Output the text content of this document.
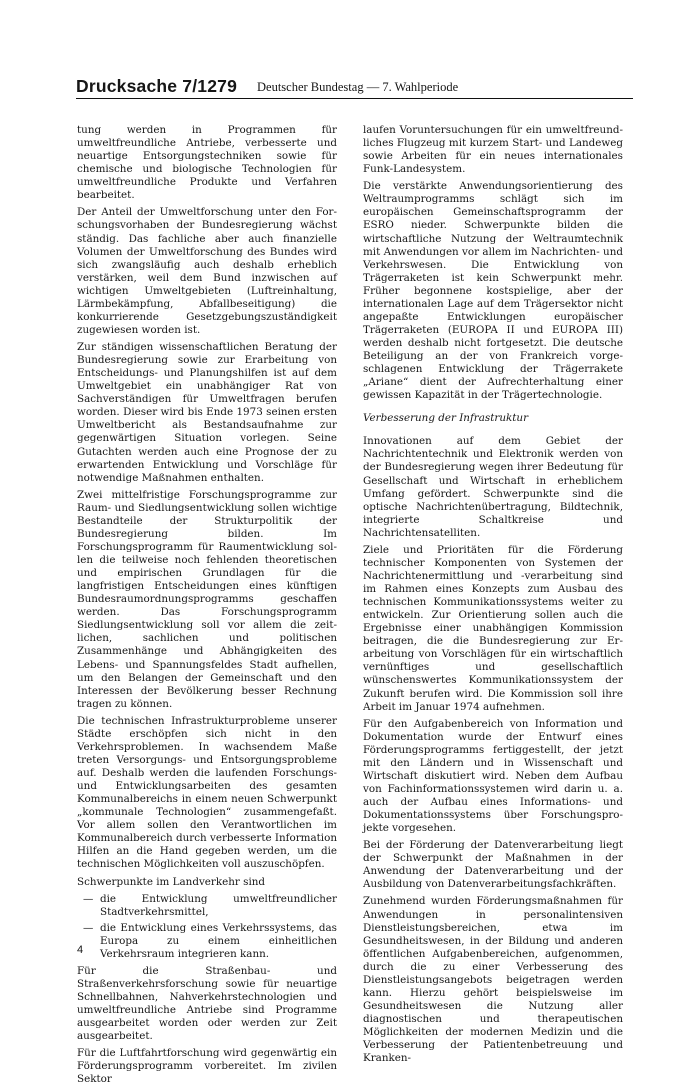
Drucksache 7/1279 Deutscher Bundestag — 7. Wahlperiode

tung werden in Programmen für umweltfreundliche Antriebe, verbesserte und neuartige Entsorgungstechniken sowie für chemische und biologische Technologien für umweltfreundliche Produkte und Verfahren bearbeitet.

Der Anteil der Umweltforschung unter den Forschungsvorhaben der Bundesregierung wächst ständig. Das fachliche aber auch finanzielle Volumen der Umweltforschung des Bundes wird sich zwangsläufig auch deshalb erheblich verstärken, weil dem Bund inzwischen auf wichtigen Umweltgebieten (Luftreinhaltung, Lärmbekämpfung, Abfallbeseitigung) die konkurrierende Gesetzgebungszuständigkeit zugewiesen worden ist.

Zur ständigen wissenschaftlichen Beratung der Bundesregierung sowie zur Erarbeitung von Entscheidungs- und Planungshilfen ist auf dem Umweltgebiet ein unabhängiger Rat von Sachverständigen für Umweltfragen berufen worden. Dieser wird bis Ende 1973 seinen ersten Umweltbericht als Bestandsaufnahme zur gegenwärtigen Situation vorlegen. Seine Gutachten werden auch eine Prognose der zu erwartenden Entwicklung und Vorschläge für notwendige Maßnahmen enthalten.

Zwei mittelfristige Forschungsprogramme zur Raum- und Siedlungsentwicklung sollen wichtige Bestandteile der Strukturpolitik der Bundesregierung bilden. Im Forschungsprogramm für Raumentwicklung sollen die teilweise noch fehlenden theoretischen und empirischen Grundlagen für die langfristigen Entscheidungen eines künftigen Bundesraumordnungsprogramms geschaffen werden. Das Forschungsprogramm Siedlungsentwicklung soll vor allem die zeitlichen, sachlichen und politischen Zusammenhänge und Abhängigkeiten des Lebens- und Spannungsfeldes Stadt aufhellen, um den Belangen der Gemeinschaft und den Interessen der Bevölkerung besser Rechnung tragen zu können.

Die technischen Infrastrukturprobleme unserer Städte erschöpfen sich nicht in den Verkehrsproblemen. In wachsendem Maße treten Versorgungs- und Entsorgungsprobleme auf. Deshalb werden die laufenden Forschungs- und Entwicklungsarbeiten des gesamten Kommunalbereichs in einem neuen Schwerpunkt „kommunale Technologien“ zusammengefaßt. Vor allem sollen den Verantwortlichen im Kommunalbereich durch verbesserte Information Hilfen an die Hand gegeben werden, um die technischen Möglichkeiten voll auszuschöpfen.

Schwerpunkte im Landverkehr sind

— die Entwicklung umweltfreundlicher Stadtverkehrsmittel,
— die Entwicklung eines Verkehrssystems, das Europa zu einem einheitlichen Verkehrsraum integrieren kann.

Für die Straßenbau- und Straßenverkehrsforschung sowie für neuartige Schnellbahnen, Nahverkehrstechnologien und umweltfreundliche Antriebe sind Programme ausgearbeitet worden oder werden zur Zeit ausgearbeitet.

Für die Luftfahrtforschung wird gegenwärtig ein Förderungsprogramm vorbereitet. Im zivilen Sektor

laufen Voruntersuchungen für ein umweltfreundliches Flugzeug mit kurzem Start- und Landeweg sowie Arbeiten für ein neues internationales Funk-Landesystem.

Die verstärkte Anwendungsorientierung des Weltraumprogramms schlägt sich im europäischen Gemeinschaftsprogramm der ESRO nieder. Schwerpunkte bilden die wirtschaftliche Nutzung der Weltraumtechnik mit Anwendungen vor allem im Nachrichten- und Verkehrswesen. Die Entwicklung von Trägerraketen ist kein Schwerpunkt mehr. Früher begonnene kostspielige, aber der internationalen Lage auf dem Trägersektor nicht angepaßte Entwicklungen europäischer Trägerraketen (EUROPA II und EUROPA III) werden deshalb nicht fortgesetzt. Die deutsche Beteiligung an der von Frankreich vorgeschlagenen Entwicklung der Trägerrakete „Ariane“ dient der Aufrechterhaltung einer gewissen Kapazität in der Trägertechnologie.

Verbesserung der Infrastruktur

Innovationen auf dem Gebiet der Nachrichtentechnik und Elektronik werden von der Bundesregierung wegen ihrer Bedeutung für Gesellschaft und Wirtschaft in erheblichem Umfang gefördert. Schwerpunkte sind die optische Nachrichtenübertragung, Bildtechnik, integrierte Schaltkreise und Nachrichtensatelliten.

Ziele und Prioritäten für die Förderung technischer Komponenten von Systemen der Nachrichtenermittlung und -verarbeitung sind im Rahmen eines Konzepts zum Ausbau des technischen Kommunikationssystems weiter zu entwickeln. Zur Orientierung sollen auch die Ergebnisse einer unabhängigen Kommission beitragen, die die Bundesregierung zur Erarbeitung von Vorschlägen für ein wirtschaftlich vernünftiges und gesellschaftlich wünschenswertes Kommunikationssystem der Zukunft berufen wird. Die Kommission soll ihre Arbeit im Januar 1974 aufnehmen.

Für den Aufgabenbereich von Information und Dokumentation wurde der Entwurf eines Förderungsprogramms fertiggestellt, der jetzt mit den Ländern und in Wissenschaft und Wirtschaft diskutiert wird. Neben dem Aufbau von Fachinformationssystemen wird darin u. a. auch der Aufbau eines Informations- und Dokumentationssystems über Forschungsprojekte vorgesehen.

Bei der Förderung der Datenverarbeitung liegt der Schwerpunkt der Maßnahmen in der Anwendung der Datenverarbeitung und der Ausbildung von Datenverarbeitungsfachkräften.

Zunehmend wurden Förderungsmaßnahmen für Anwendungen in personalintensiven Dienstleistungsbereichen, etwa im Gesundheitswesen, in der Bildung und anderen öffentlichen Aufgabenbereichen, aufgenommen, durch die zu einer Verbesserung des Dienstleistungsangebots beigetragen werden kann. Hierzu gehört beispielsweise im Gesundheitswesen die Nutzung aller diagnostischen und therapeutischen Möglichkeiten der modernen Medizin und die Verbesserung der Patientenbetreuung und Kranken-

4
